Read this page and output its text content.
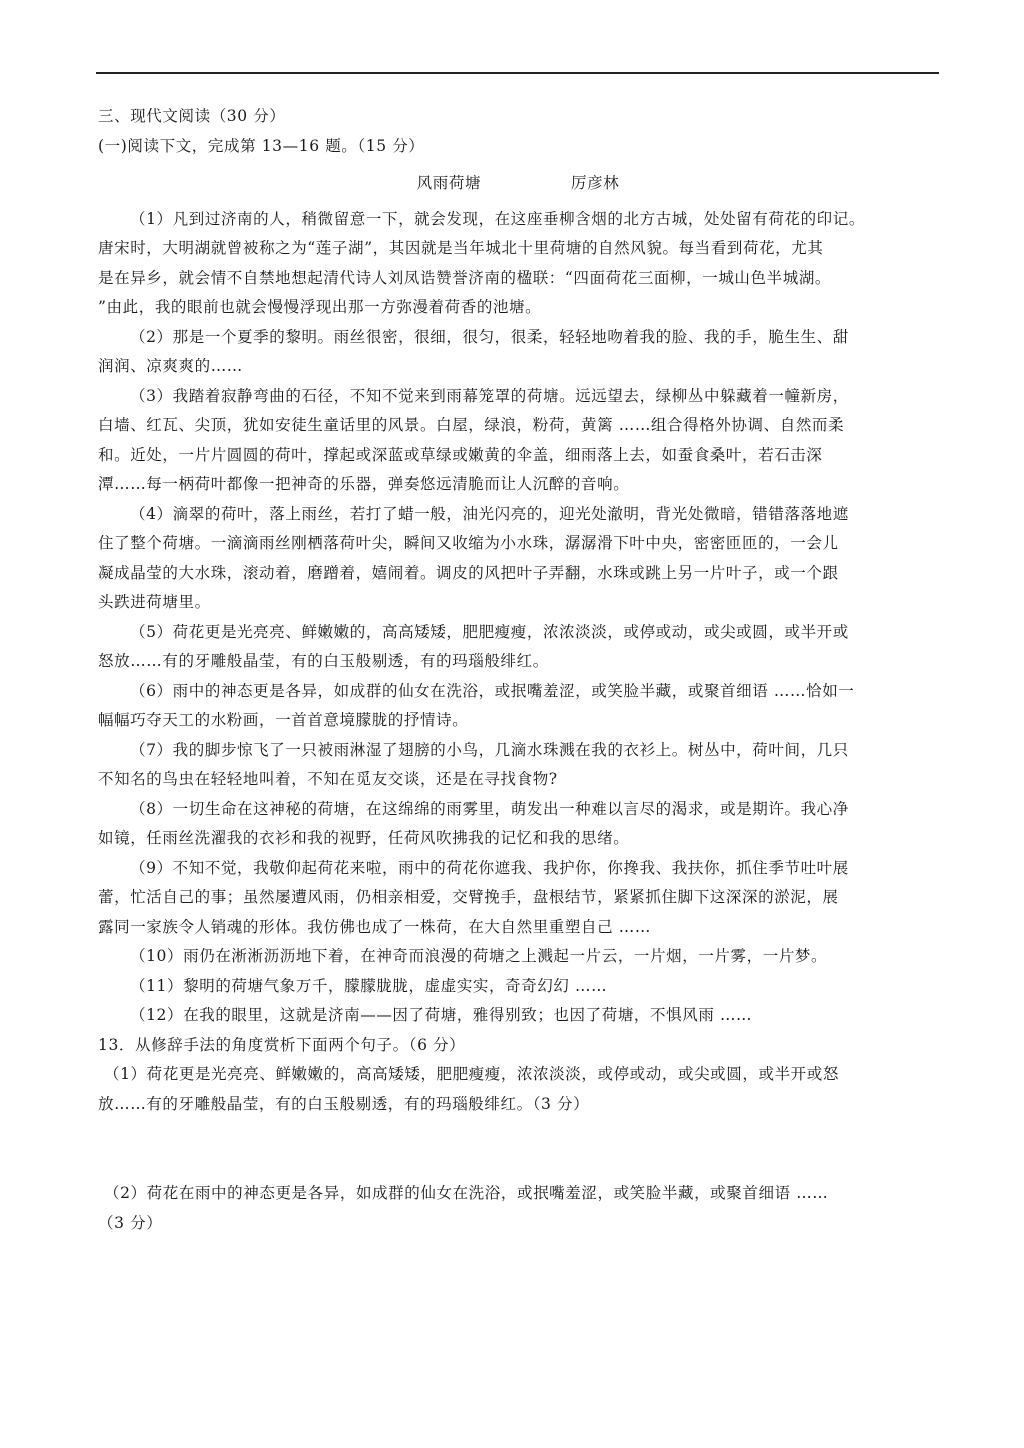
三、现代文阅读（30 分）
(一)阅读下文，完成第 13—16 题。（15 分）
风雨荷塘	厉彦林
（1）凡到过济南的人，稍微留意一下，就会发现，在这座垂柳含烟的北方古城，处处留有荷花的印记。
唐宋时，大明湖就曾被称之为“莲子湖”，其因就是当年城北十里荷塘的自然风貌。每当看到荷花，尤其
是在异乡，就会情不自禁地想起清代诗人刘凤诰赞誉济南的楹联：“四面荷花三面柳，一城山色半城湖。
”由此，我的眼前也就会慢慢浮现出那一方弥漫着荷香的池塘。
（2）那是一个夏季的黎明。雨丝很密，很细，很匀，很柔，轻轻地吻着我的脸、我的手，脆生生、甜
润润、凉爽爽的……
（3）我踏着寂静弯曲的石径，不知不觉来到雨幕笼罩的荷塘。远远望去，绿柳丛中躲藏着一幢新房，
白墙、红瓦、尖顶，犹如安徒生童话里的风景。白屋，绿浪，粉荷，黄篱 ……组合得格外协调、自然而柔
和。近处，一片片圆圆的荷叶，撑起或深蓝或草绿或嫩黄的伞盖，细雨落上去，如蚕食桑叶，若石击深
潭……每一柄荷叶都像一把神奇的乐器，弹奏悠远清脆而让人沉醉的音响。
（4）滴翠的荷叶，落上雨丝，若打了蜡一般，油光闪亮的，迎光处澈明，背光处微暗，错错落落地遮
住了整个荷塘。一滴滴雨丝刚栖落荷叶尖，瞬间又收缩为小水珠，潺潺滑下叶中央，密密匝匝的，一会儿
凝成晶莹的大水珠，滚动着，磨蹭着，嬉闹着。调皮的风把叶子弄翻，水珠或跳上另一片叶子，或一个跟
头跌进荷塘里。
（5）荷花更是光亮亮、鲜嫩嫩的，高高矮矮，肥肥瘦瘦，浓浓淡淡，或停或动，或尖或圆，或半开或
怒放……有的牙雕般晶莹，有的白玉般剔透，有的玛瑙般绯红。
（6）雨中的神态更是各异，如成群的仙女在洗浴，或抿嘴羞涩，或笑脸半藏，或聚首细语 ……恰如一
幅幅巧夺天工的水粉画，一首首意境朦胧的抒情诗。
（7）我的脚步惊飞了一只被雨淋湿了翅膀的小鸟，几滴水珠溅在我的衣衫上。树丛中，荷叶间，几只
不知名的鸟虫在轻轻地叫着，不知在觅友交谈，还是在寻找食物?
（8）一切生命在这神秘的荷塘，在这绵绵的雨雾里，萌发出一种难以言尽的渴求，或是期许。我心净
如镜，任雨丝洗濯我的衣衫和我的视野，任荷风吹拂我的记忆和我的思绪。
（9）不知不觉，我敬仰起荷花来啦，雨中的荷花你遮我、我护你，你搀我、我扶你，抓住季节吐叶展
蕾，忙活自己的事；虽然屡遭风雨，仍相亲相爱，交臂挽手，盘根结节，紧紧抓住脚下这深深的淤泥，展
露同一家族令人销魂的形体。我仿佛也成了一株荷，在大自然里重塑自己 ……
（10）雨仍在淅淅沥沥地下着，在神奇而浪漫的荷塘之上溅起一片云，一片烟，一片雾，一片梦。
（11）黎明的荷塘气象万千，朦朦胧胧，虚虚实实，奇奇幻幻 ……
（12）在我的眼里，这就是济南——因了荷塘，雅得别致；也因了荷塘，不惧风雨 ……
13．从修辞手法的角度赏析下面两个句子。（6 分）
（1）荷花更是光亮亮、鲜嫩嫩的，高高矮矮，肥肥瘦瘦，浓浓淡淡，或停或动，或尖或圆，或半开或怒
放……有的牙雕般晶莹，有的白玉般剔透，有的玛瑙般绯红。（3 分）
（2）荷花在雨中的神态更是各异，如成群的仙女在洗浴，或抿嘴羞涩，或笑脸半藏，或聚首细语 ……
（3 分）
